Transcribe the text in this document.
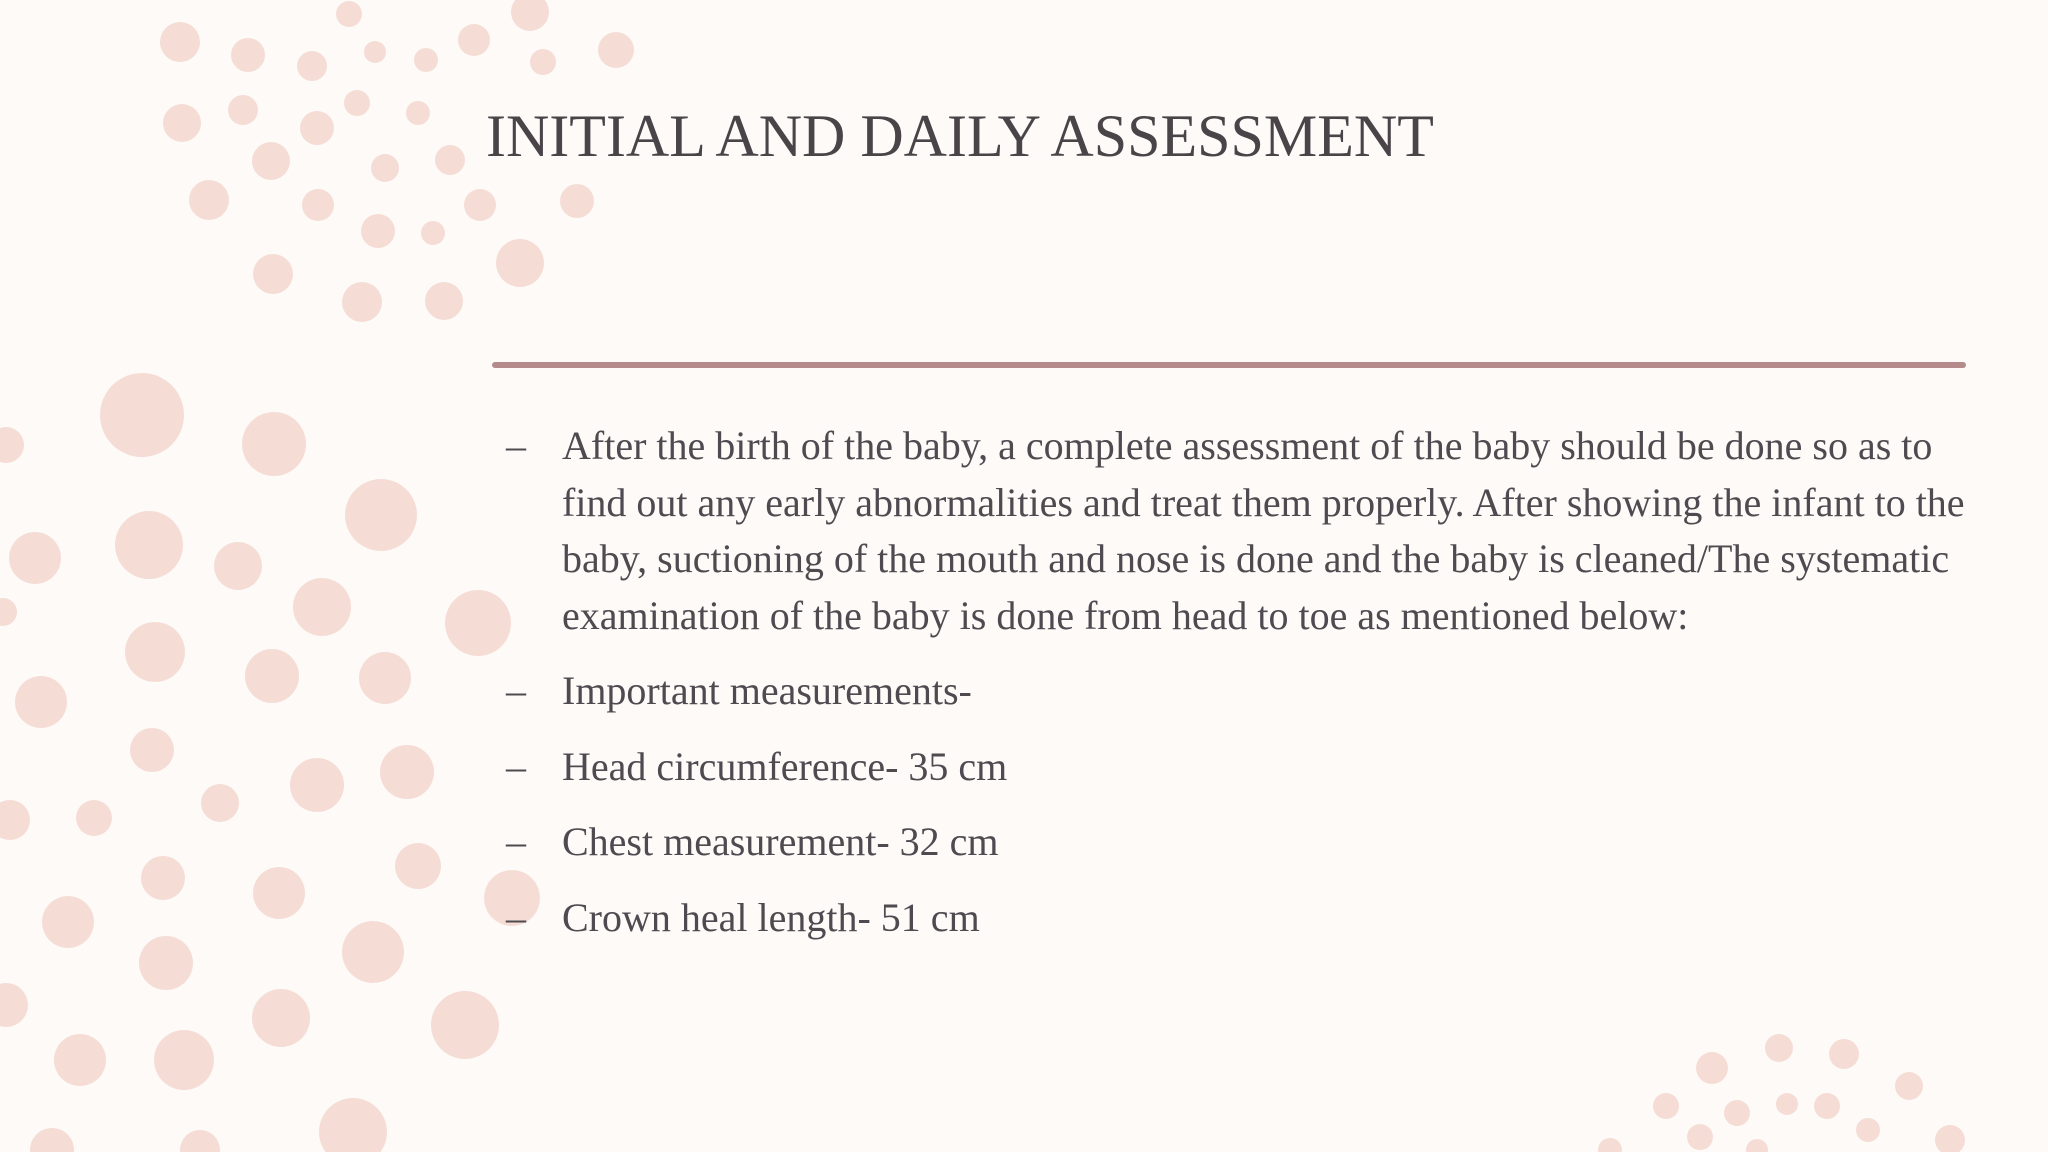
INITIAL AND DAILY ASSESSMENT
– After the birth of the baby, a complete assessment of the baby should be done so as to find out any early abnormalities and treat them properly. After showing the infant to the baby, suctioning of the mouth and nose is done and the baby is cleaned/The systematic examination of the baby is done from head to toe as mentioned below:
– Important measurements-
– Head circumference- 35 cm
– Chest measurement- 32 cm
– Crown heal length- 51 cm
